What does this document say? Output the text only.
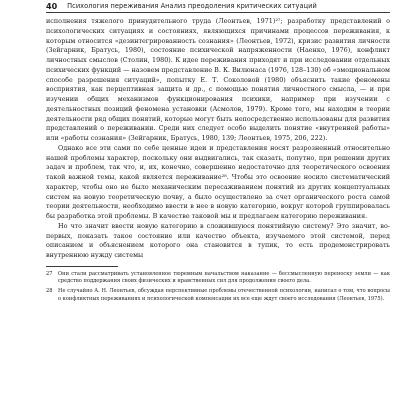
40 Психология переживания Анализ преодоления критических ситуаций

исполнения тяжелого принудительного труда (Леонтьев, 1971)²⁷; разработку представлений о психологических ситуациях и состояниях, являющихся причинами процессов переживания, к которым относится «дезинтегрированность сознания» (Леонтьев, 1972), кризис развития личности (Зейгарник, Братусь, 1980), состояние психической напряженности (Наенко, 1976), конфликт личностных смыслов (Столин, 1980). К идее переживания приходят и при исследовании отдельных психических функций — назовем представление В. К. Вилюнаса (1976, 128–130) об «эмоциональном способе разрешения ситуаций», попытку Е. Т. Соколовой (1980) объяснить такие феномены восприятия, как перцептивная защита и др., с помощью понятия личностного смысла, — и при изучении общих механизмов функционирования психики, например при изучении с деятельностных позиций феномена установки (Асмолов, 1979). Кроме того, мы находим в теории деятельности ряд общих понятий, которые могут быть непосредственно использованы для развития представлений о переживании. Среди них следует особо выделить понятие «внутренней работы» или «работы сознания» (Зейгарник, Братусь, 1980, 139; Леонтьев, 1975, 206, 222).

Однако все эти сами по себе ценные идеи и представления носят разрозненный относительно нашей проблемы характер, поскольку они выдвигались, так сказать, попутно, при решении других задач и проблем, так что, и, их, конечно, совершенно недостаточно для теоретического освоения такой важной темы, какой является переживание²⁸. Чтобы это освоение носило систематический характер, чтобы оно не было механическим пересаживанием понятий из других концептуальных систем на новую теоретическую почву, а было осуществлено за счет органического роста самой теории деятельности, необходимо ввести в нее в новую категорию, вокруг которой группировалась бы разработка этой проблемы. В качестве таковой мы и предлагаем категорию переживания.

Но что значит ввести новую категорию в сложившуюся понятийную систему? Это значит, во-первых, показать такое состояние или качество объекта, изучаемого этой системой, перед описанием и объяснением которого она становится в тупик, то есть продемонстрировать внутреннюю нужду системы

27	Они стали рассматривать установленное тюремным начальством наказание — бессмысленную переноску земли — как средство поддержания своих физических и нравственных сил для продолжения своего дела.
28	Не случайно А. Н. Леонтьев, обсуждая перспективные проблемы отечественной психологии, написал о том, что вопросы о конфликтных переживаниях и психологической компенсации их все еще ждут своего исследования (Леонтьев, 1975).
